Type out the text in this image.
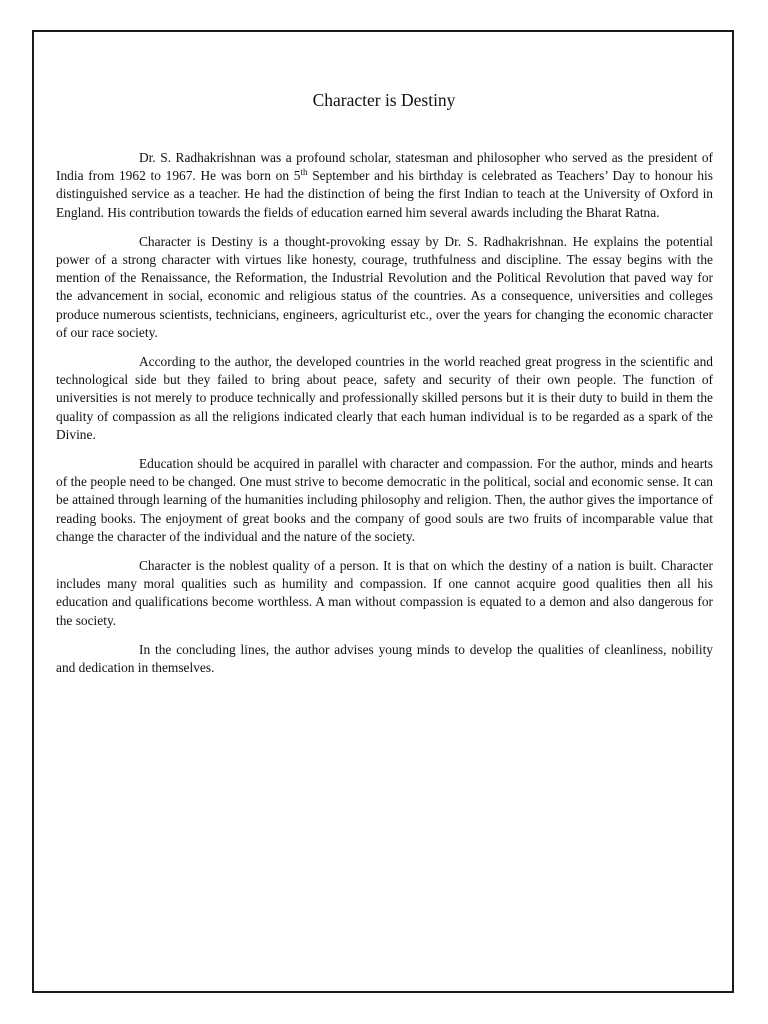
Character is Destiny

Dr. S. Radhakrishnan was a profound scholar, statesman and philosopher who served as the president of India from 1962 to 1967. He was born on 5th September and his birthday is celebrated as Teachers’ Day to honour his distinguished service as a teacher. He had the distinction of being the first Indian to teach at the University of Oxford in England. His contribution towards the fields of education earned him several awards including the Bharat Ratna.

Character is Destiny is a thought-provoking essay by Dr. S. Radhakrishnan. He explains the potential power of a strong character with virtues like honesty, courage, truthfulness and discipline. The essay begins with the mention of the Renaissance, the Reformation, the Industrial Revolution and the Political Revolution that paved way for the advancement in social, economic and religious status of the countries. As a consequence, universities and colleges produce numerous scientists, technicians, engineers, agriculturist etc., over the years for changing the economic character of our race society.

According to the author, the developed countries in the world reached great progress in the scientific and technological side but they failed to bring about peace, safety and security of their own people. The function of universities is not merely to produce technically and professionally skilled persons but it is their duty to build in them the quality of compassion as all the religions indicated clearly that each human individual is to be regarded as a spark of the Divine.

Education should be acquired in parallel with character and compassion. For the author, minds and hearts of the people need to be changed. One must strive to become democratic in the political, social and economic sense. It can be attained through learning of the humanities including philosophy and religion. Then, the author gives the importance of reading books. The enjoyment of great books and the company of good souls are two fruits of incomparable value that change the character of the individual and the nature of the society.

Character is the noblest quality of a person. It is that on which the destiny of a nation is built. Character includes many moral qualities such as humility and compassion. If one cannot acquire good qualities then all his education and qualifications become worthless. A man without compassion is equated to a demon and also dangerous for the society.

In the concluding lines, the author advises young minds to develop the qualities of cleanliness, nobility and dedication in themselves.
